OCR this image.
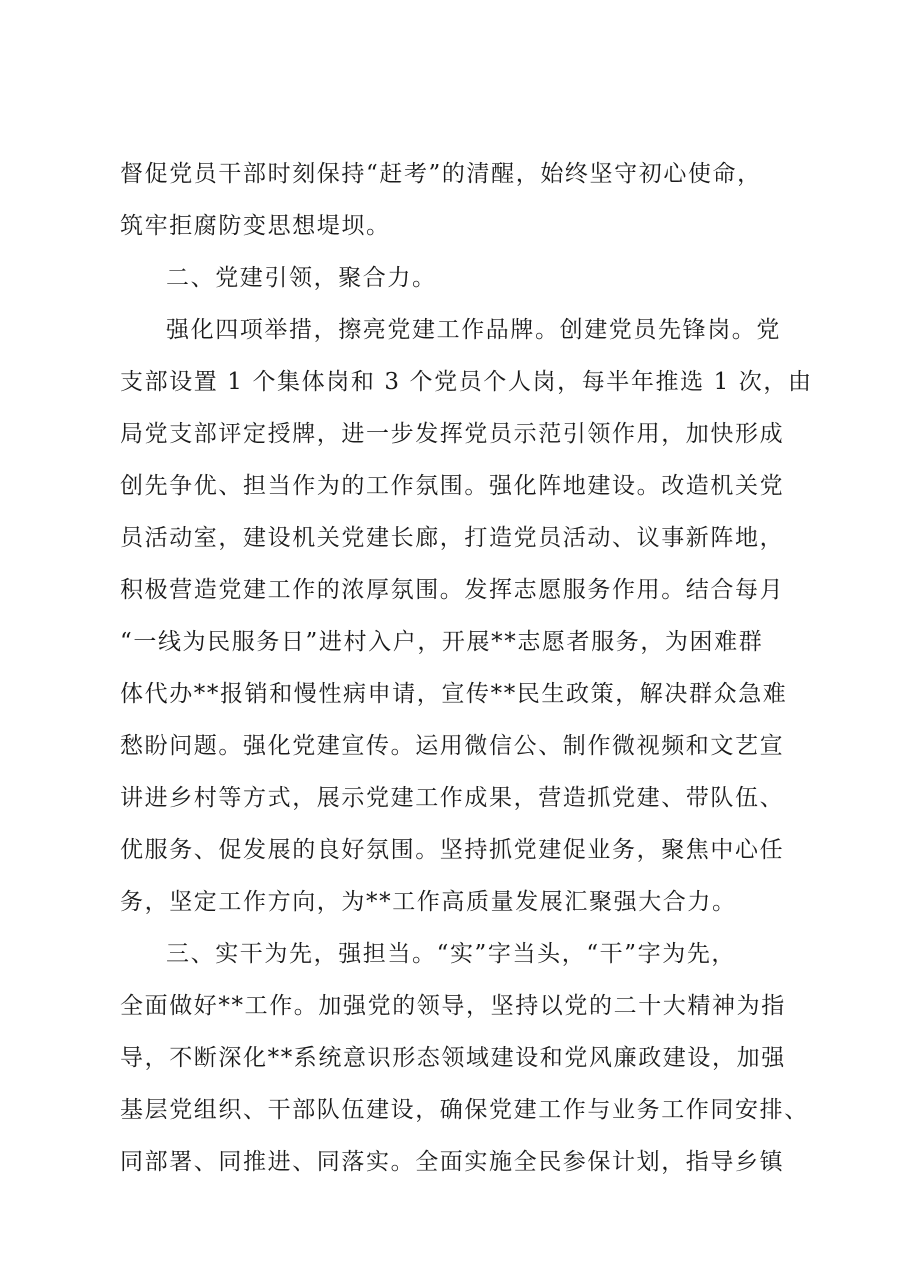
督促党员干部时刻保持“赶考”的清醒，始终坚守初心使命，
筑牢拒腐防变思想堤坝。
二、党建引领，聚合力。
强化四项举措，擦亮党建工作品牌。创建党员先锋岗。党
支部设置 1 个集体岗和 3 个党员个人岗，每半年推选 1 次，由
局党支部评定授牌，进一步发挥党员示范引领作用，加快形成
创先争优、担当作为的工作氛围。强化阵地建设。改造机关党
员活动室，建设机关党建长廊，打造党员活动、议事新阵地，
积极营造党建工作的浓厚氛围。发挥志愿服务作用。结合每月
“一线为民服务日”进村入户，开展**志愿者服务，为困难群
体代办**报销和慢性病申请，宣传**民生政策，解决群众急难
愁盼问题。强化党建宣传。运用微信公、制作微视频和文艺宣
讲进乡村等方式，展示党建工作成果，营造抓党建、带队伍、
优服务、促发展的良好氛围。坚持抓党建促业务，聚焦中心任
务，坚定工作方向，为**工作高质量发展汇聚强大合力。
三、实干为先，强担当。“实”字当头，“干”字为先，
全面做好**工作。加强党的领导，坚持以党的二十大精神为指
导，不断深化**系统意识形态领域建设和党风廉政建设，加强
基层党组织、干部队伍建设，确保党建工作与业务工作同安排、
同部署、同推进、同落实。全面实施全民参保计划，指导乡镇
